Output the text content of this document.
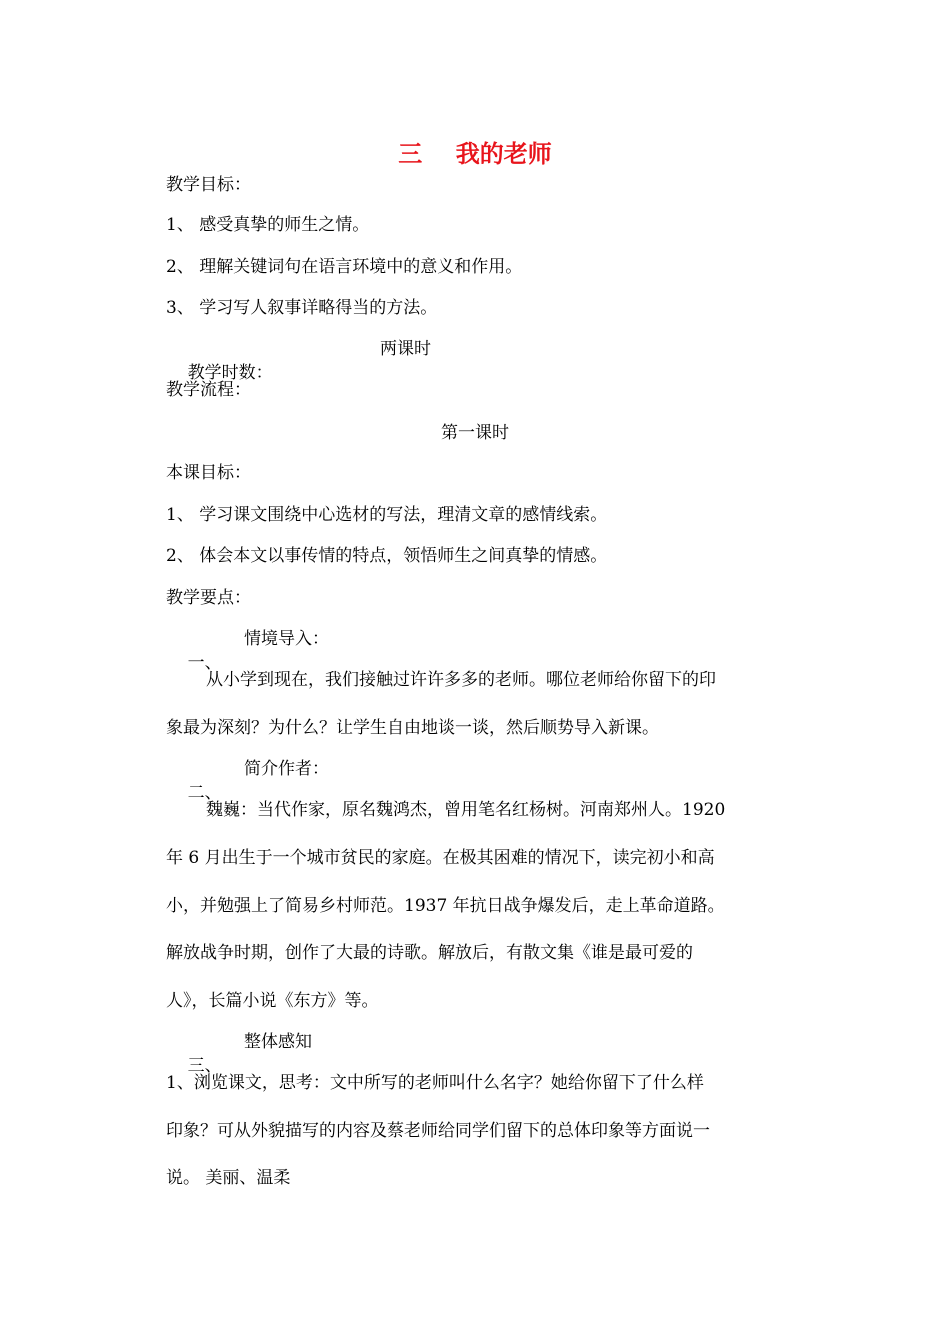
三    我的老师
教学目标：
1、 感受真挚的师生之情。
2、 理解关键词句在语言环境中的意义和作用。
3、 学习写人叙事详略得当的方法。

教学时数：

两课时

教学流程：
第一课时
本课目标：
1、 学习课文围绕中心选材的写法，理清文章的感情线索。
2、 体会本文以事传情的特点，领悟师生之间真挚的情感。
教学要点：

一、

情境导入：

从小学到现在，我们接触过许许多多的老师。哪位老师给你留下的印
象最为深刻？为什么？让学生自由地谈一谈，然后顺势导入新课。

二、

简介作者：

魏巍：当代作家，原名魏鸿杰，曾用笔名红杨树。河南郑州人。1920
年 6 月出生于一个城市贫民的家庭。在极其困难的情况下，读完初小和高
小，并勉强上了简易乡村师范。1937 年抗日战争爆发后，走上革命道路。
解放战争时期，创作了大最的诗歌。解放后，有散文集《谁是最可爱的
人》，长篇小说《东方》等。

三、

整体感知

1、浏览课文，思考：文中所写的老师叫什么名字？她给你留下了什么样
印象？可从外貌描写的内容及蔡老师给同学们留下的总体印象等方面说一
说。 美丽、温柔
